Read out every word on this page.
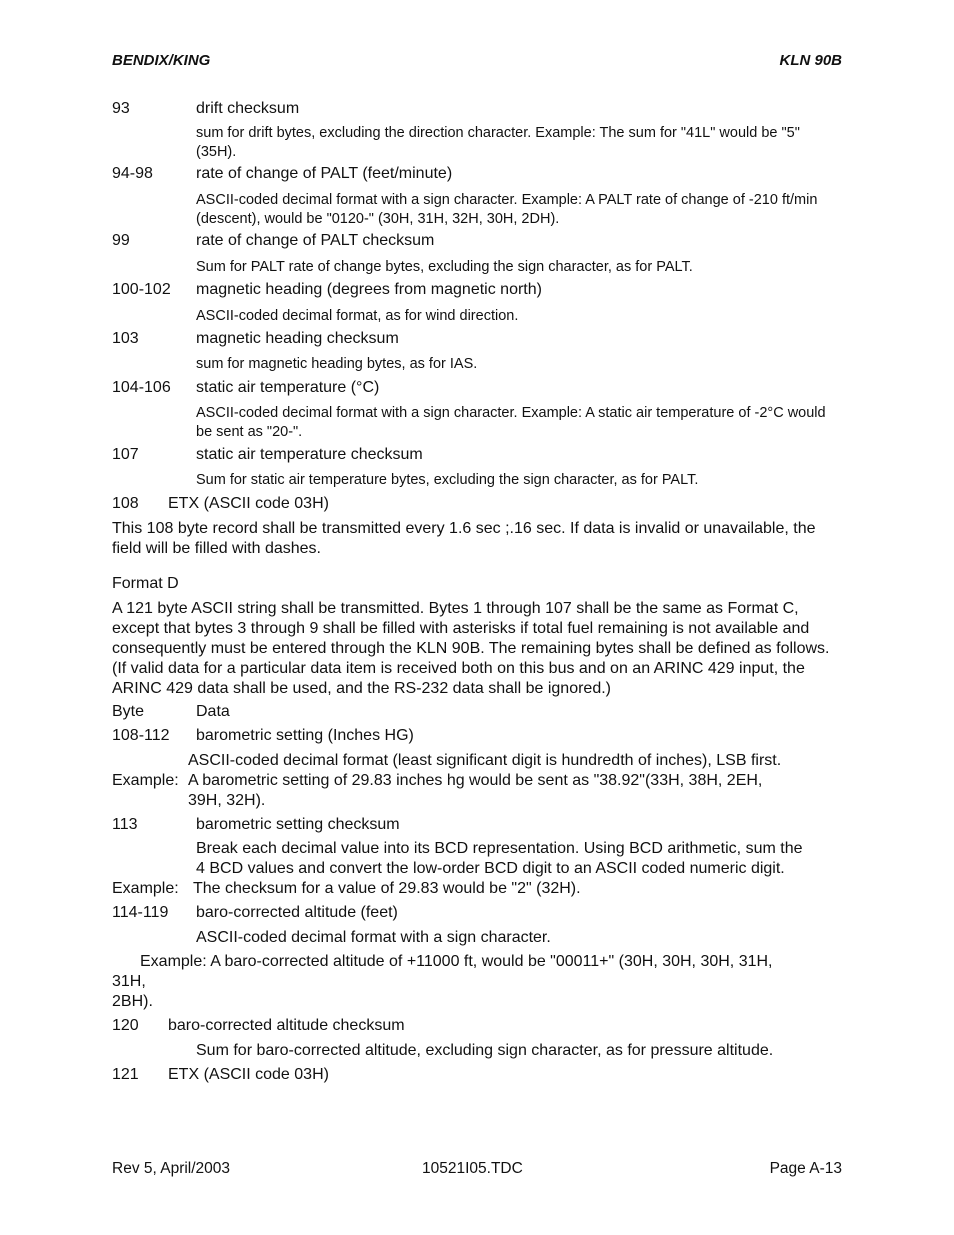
BENDIX/KING	KLN 90B
93	drift checksum
sum for drift bytes, excluding the direction character. Example: The sum for "41L" would be "5" (35H).
94-98	rate of change of PALT (feet/minute)
ASCII-coded decimal format with a sign character. Example: A PALT rate of change of -210 ft/min (descent), would be "0120-" (30H, 31H, 32H, 30H, 2DH).
99	rate of change of PALT checksum
Sum for PALT rate of change bytes, excluding the sign character, as for PALT.
100-102 magnetic heading (degrees from magnetic north)
ASCII-coded decimal format, as for wind direction.
103	magnetic heading checksum
sum for magnetic heading bytes, as for IAS.
104-106 static air temperature (°C)
ASCII-coded decimal format with a sign character. Example: A static air temperature of -2°C would be sent as "20-".
107	static air temperature checksum
Sum for static air temperature bytes, excluding the sign character, as for PALT.
108 ETX (ASCII code 03H)
This 108 byte record shall be transmitted every 1.6 sec ;.16 sec. If data is invalid or unavailable, the field will be filled with dashes.
Format D
A 121 byte ASCII string shall be transmitted. Bytes 1 through 107 shall be the same as Format C, except that bytes 3 through 9 shall be filled with asterisks if total fuel remaining is not available and consequently must be entered through the KLN 90B. The remaining bytes shall be defined as follows. (If valid data for a particular data item is received both on this bus and on an ARINC 429 input, the ARINC 429 data shall be used, and the RS-232 data shall be ignored.)
Byte	Data
108-112 barometric setting (Inches HG)
ASCII-coded decimal format (least significant digit is hundredth of inches), LSB first.
Example: A barometric setting of 29.83 inches hg would be sent as "38.92"(33H, 38H, 2EH,
39H, 32H).
113	barometric setting checksum
Break each decimal value into its BCD representation. Using BCD arithmetic, sum the
4 BCD values and convert the low-order BCD digit to an ASCII coded numeric digit.
Example: The checksum for a value of 29.83 would be "2" (32H).
114-119 baro-corrected altitude (feet)
ASCII-coded decimal format with a sign character.
Example: A baro-corrected altitude of +11000 ft, would be "00011+" (30H, 30H, 30H, 31H,
31H,
2BH).
120 baro-corrected altitude checksum
Sum for baro-corrected altitude, excluding sign character, as for pressure altitude.
121 ETX (ASCII code 03H)
Rev 5, April/2003	10521I05.TDC	Page A-13
